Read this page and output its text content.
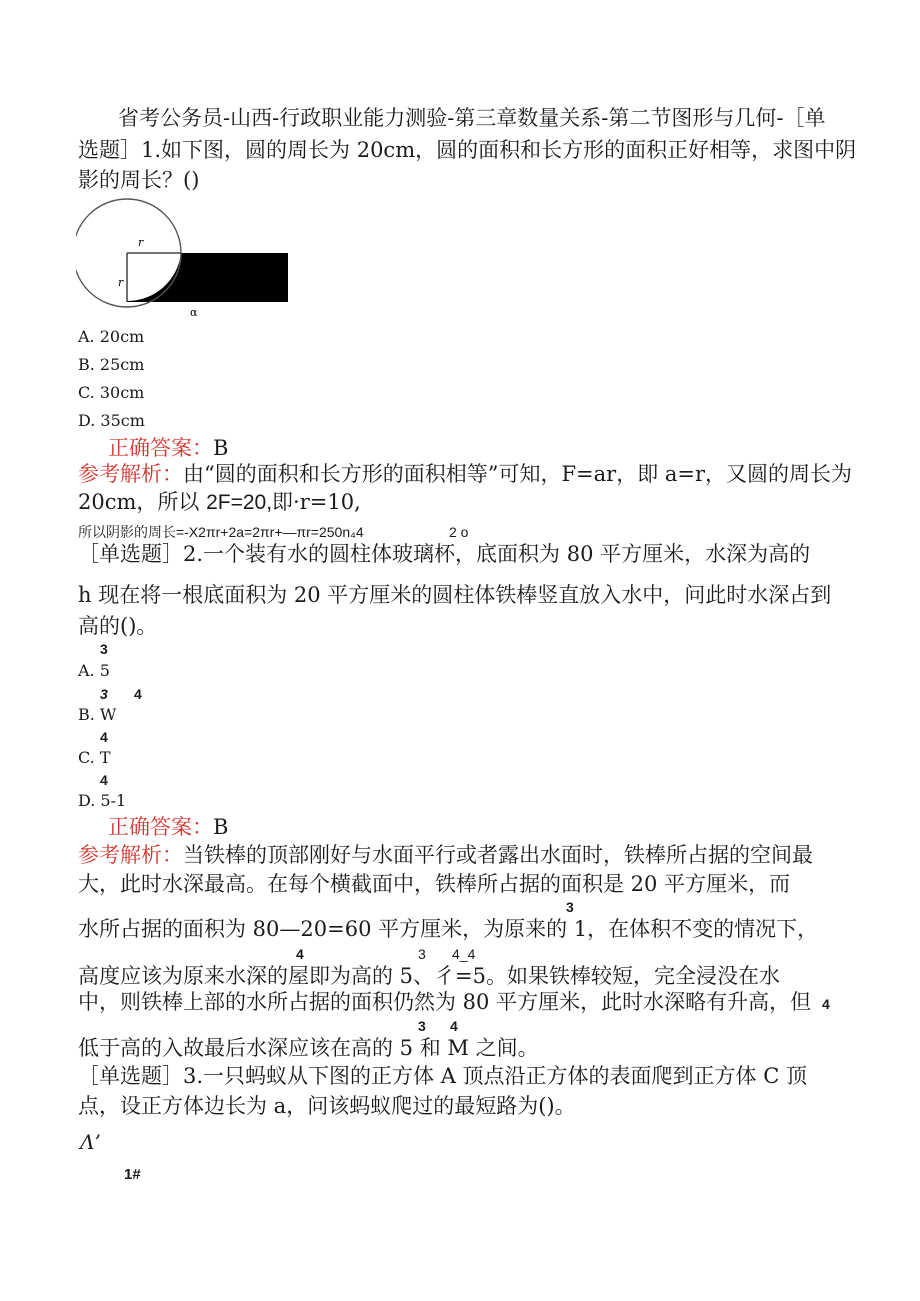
省考公务员-山西-行政职业能力测验-第三章数量关系-第二节图形与几何-［单
选题］1.如下图，圆的周长为 20cm，圆的面积和长方形的面积正好相等，求图中阴
影的周长？()
r
r
α
A. 20cm
B. 25cm
C. 30cm
D. 35cm
正确答案：B
参考解析：由“圆的面积和长方形的面积相等”可知，F=ar，即 a=r，又圆的周长为
20cm，所以 2F=20,即·r=10,
所以阴影的周长=-X2πr+2a=2πr+—πr=250n₄4	2 o
［单选题］2.一个装有水的圆柱体玻璃杯，底面积为 80 平方厘米，水深为高的
h 现在将一根底面积为 20 平方厘米的圆柱体铁棒竖直放入水中，问此时水深占到
高的()。
3
A. 5
3 4
B. W
4
C. T
4
D. 5-1
正确答案：B
参考解析：当铁棒的顶部刚好与水面平行或者露出水面时，铁棒所占据的空间最
大，此时水深最高。在每个横截面中，铁棒所占据的面积是 20 平方厘米，而
3
水所占据的面积为 80—20=60 平方厘米，为原来的 1，在体积不变的情况下，
4	3 4_4
高度应该为原来水深的屋即为高的 5、彳=5。如果铁棒较短，完全浸没在水
中，则铁棒上部的水所占据的面积仍然为 80 平方厘米，此时水深略有升高，但 4
3 4
低于高的入故最后水深应该在高的 5 和 M 之间。
［单选题］3.一只蚂蚁从下图的正方体 A 顶点沿正方体的表面爬到正方体 C 顶
点，设正方体边长为 a，问该蚂蚁爬过的最短路为()。
Λ’
1#
